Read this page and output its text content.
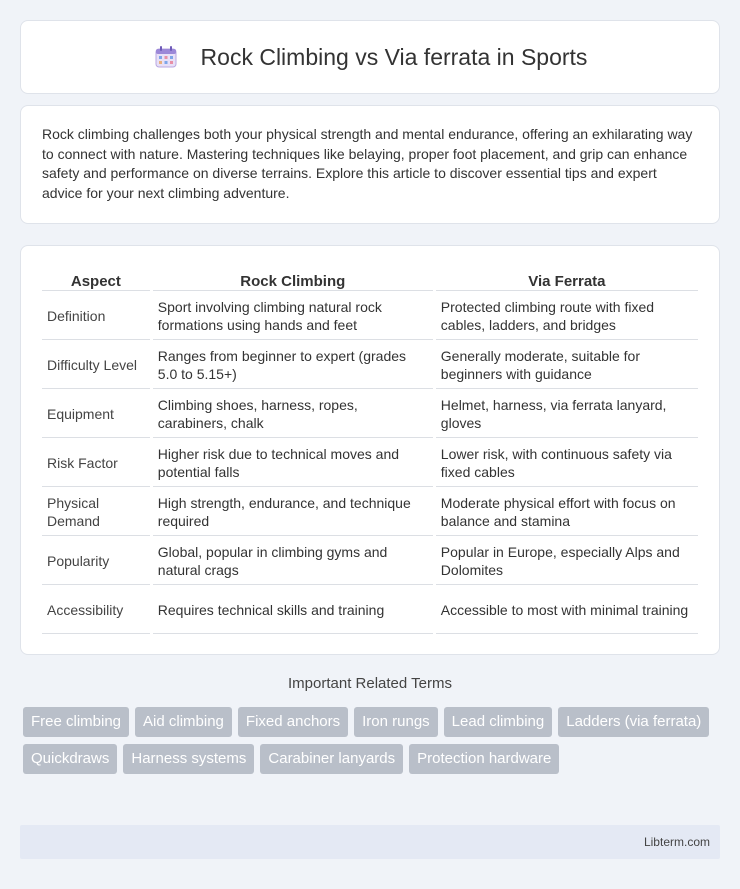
Rock Climbing vs Via ferrata in Sports

Rock climbing challenges both your physical strength and mental endurance, offering an exhilarating way to connect with nature. Mastering techniques like belaying, proper foot placement, and grip can enhance safety and performance on diverse terrains. Explore this article to discover essential tips and expert advice for your next climbing adventure.

Aspect	Rock Climbing	Via Ferrata
Definition	Sport involving climbing natural rock formations using hands and feet	Protected climbing route with fixed cables, ladders, and bridges
Difficulty Level	Ranges from beginner to expert (grades 5.0 to 5.15+)	Generally moderate, suitable for beginners with guidance
Equipment	Climbing shoes, harness, ropes, carabiners, chalk	Helmet, harness, via ferrata lanyard, gloves
Risk Factor	Higher risk due to technical moves and potential falls	Lower risk, with continuous safety via fixed cables
Physical Demand	High strength, endurance, and technique required	Moderate physical effort with focus on balance and stamina
Popularity	Global, popular in climbing gyms and natural crags	Popular in Europe, especially Alps and Dolomites
Accessibility	Requires technical skills and training	Accessible to most with minimal training
Important Related Terms
Free climbing	Aid climbing	Fixed anchors	Iron rungs	Lead climbing	Ladders (via ferrata)
Quickdraws	Harness systems	Carabiner lanyards	Protection hardware
Libterm.com
